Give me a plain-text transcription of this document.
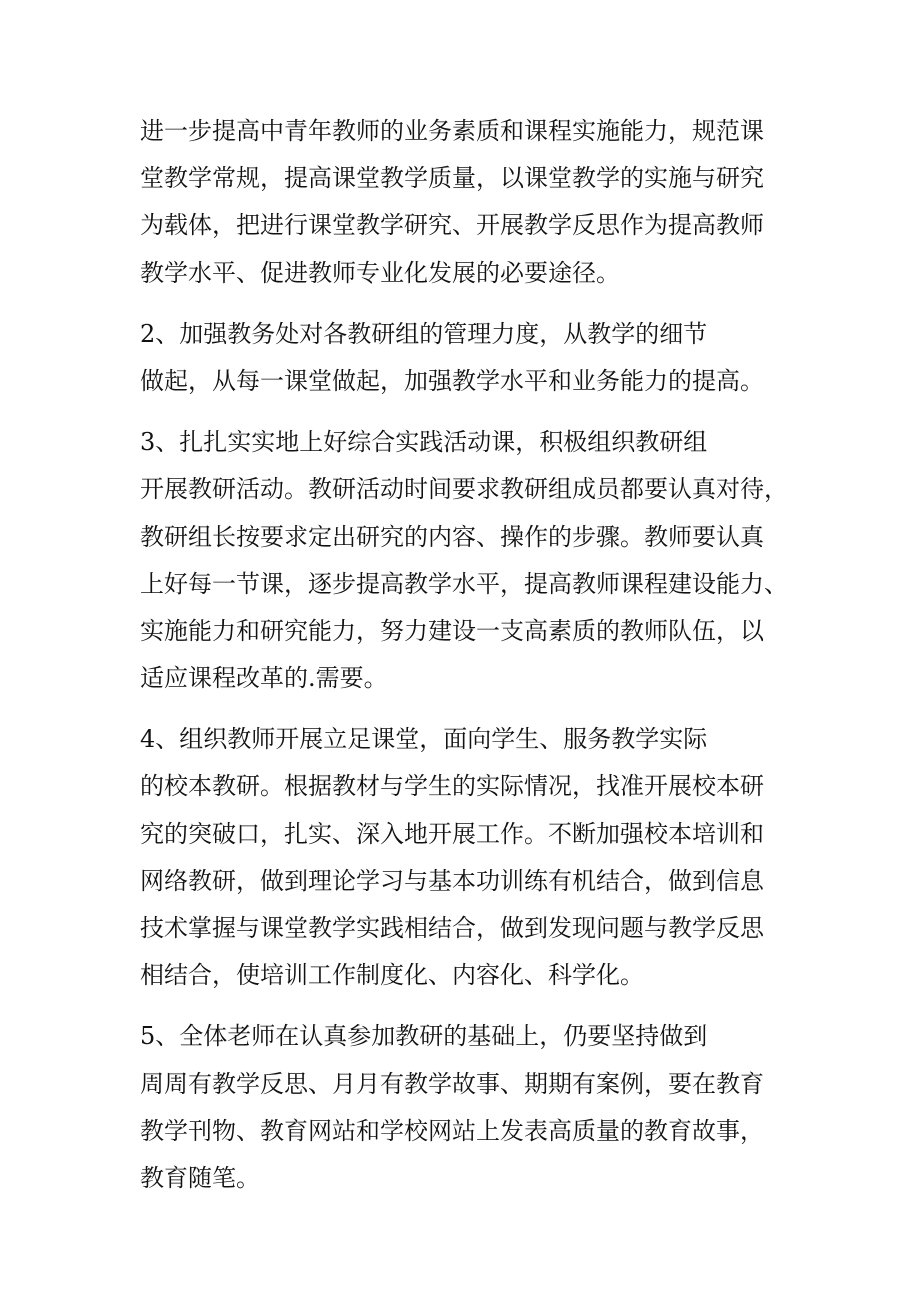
进一步提高中青年教师的业务素质和课程实施能力，规范课
堂教学常规，提高课堂教学质量，以课堂教学的实施与研究
为载体，把进行课堂教学研究、开展教学反思作为提高教师
教学水平、促进教师专业化发展的必要途径。
2、加强教务处对各教研组的管理力度，从教学的细节
做起，从每一课堂做起，加强教学水平和业务能力的提高。
3、扎扎实实地上好综合实践活动课，积极组织教研组
开展教研活动。教研活动时间要求教研组成员都要认真对待，
教研组长按要求定出研究的内容、操作的步骤。教师要认真
上好每一节课，逐步提高教学水平，提高教师课程建设能力、
实施能力和研究能力，努力建设一支高素质的教师队伍，以
适应课程改革的.需要。
4、组织教师开展立足课堂，面向学生、服务教学实际
的校本教研。根据教材与学生的实际情况，找准开展校本研
究的突破口，扎实、深入地开展工作。不断加强校本培训和
网络教研，做到理论学习与基本功训练有机结合，做到信息
技术掌握与课堂教学实践相结合，做到发现问题与教学反思
相结合，使培训工作制度化、内容化、科学化。
5、全体老师在认真参加教研的基础上，仍要坚持做到
周周有教学反思、月月有教学故事、期期有案例，要在教育
教学刊物、教育网站和学校网站上发表高质量的教育故事，
教育随笔。
